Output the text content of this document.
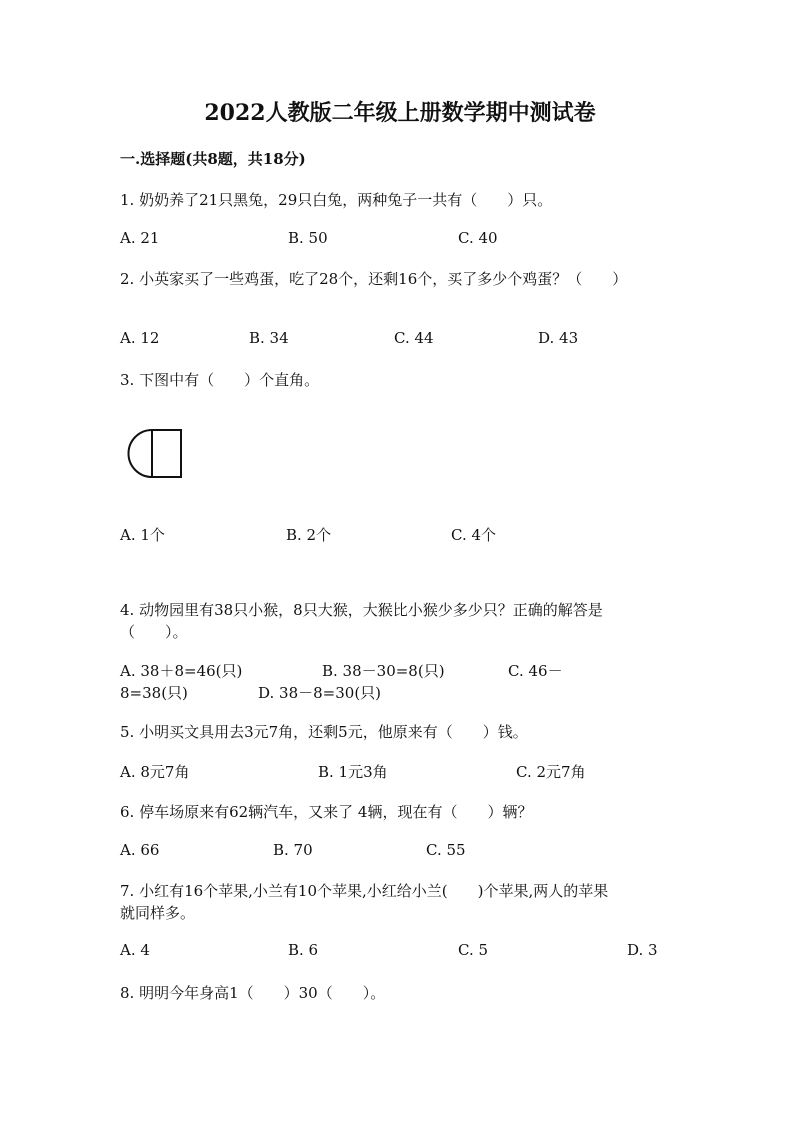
2022人教版二年级上册数学期中测试卷
一.选择题(共8题，共18分)
1. 奶奶养了21只黑兔，29只白兔，两种兔子一共有（　　）只。
A. 21	B. 50	C. 40
2. 小英家买了一些鸡蛋，吃了28个，还剩16个，买了多少个鸡蛋？（　　）
A. 12	B. 34	C. 44	D. 43
3. 下图中有（　　）个直角。
A. 1个	B. 2个	C. 4个
4. 动物园里有38只小猴，8只大猴，大猴比小猴少多少只？正确的解答是
（　　）。
A. 38＋8=46(只)	B. 38－30=8(只)	C. 46－
8=38(只)	D. 38－8=30(只)
5. 小明买文具用去3元7角，还剩5元，他原来有（　　）钱。
A. 8元7角	B. 1元3角	C. 2元7角
6. 停车场原来有62辆汽车，又来了 4辆，现在有（　　）辆？
A. 66	B. 70	C. 55
7. 小红有16个苹果,小兰有10个苹果,小红给小兰(　　)个苹果,两人的苹果
就同样多。
A. 4	B. 6	C. 5	D. 3
8. 明明今年身高1（　　）30（　　）。
